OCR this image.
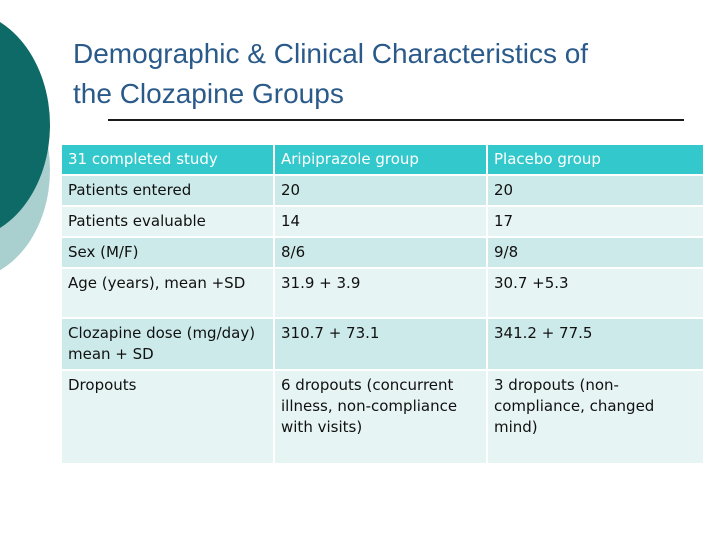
Demographic & Clinical Characteristics of
the Clozapine Groups
31 completed study	Aripiprazole group	Placebo group
Patients entered	20	20
Patients evaluable	14	17
Sex (M/F)	8/6	9/8
Age (years), mean +SD	31.9 + 3.9	30.7 +5.3
Clozapine dose (mg/day) mean + SD	310.7 + 73.1	341.2 + 77.5
Dropouts	6 dropouts (concurrent illness, non-compliance with visits)	3 dropouts (non-compliance, changed mind)
